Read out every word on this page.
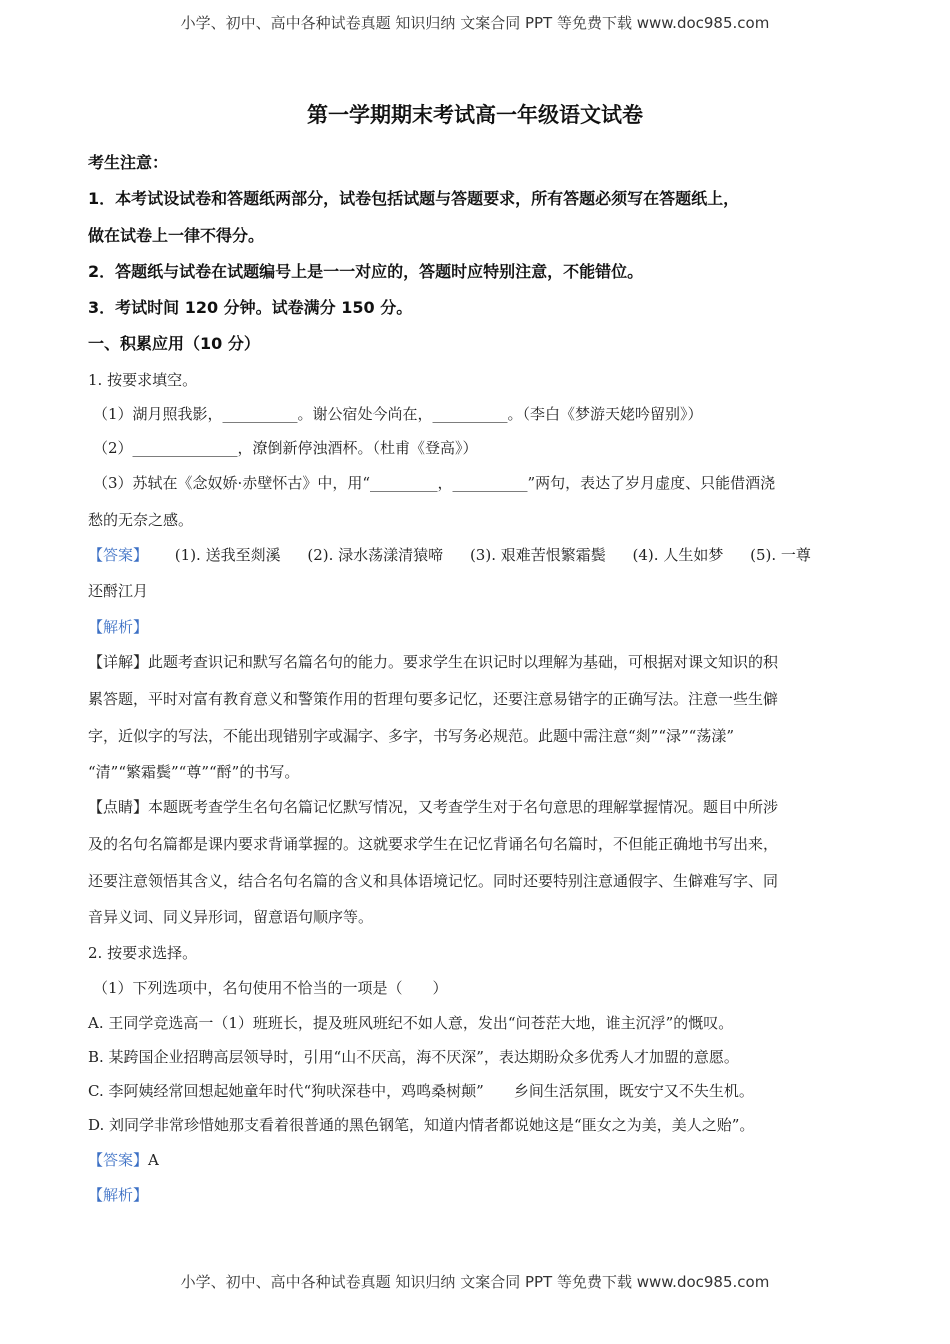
小学、初中、高中各种试卷真题 知识归纳 文案合同 PPT 等免费下载 www.doc985.com
第一学期期末考试高一年级语文试卷
考生注意：
1．本考试设试卷和答题纸两部分，试卷包括试题与答题要求，所有答题必须写在答题纸上，
做在试卷上一律不得分。
2．答题纸与试卷在试题编号上是一一对应的，答题时应特别注意，不能错位。
3．考试时间 120 分钟。试卷满分 150 分。
一、积累应用（10 分）
1. 按要求填空。
（1）湖月照我影，__________。谢公宿处今尚在，__________。（李白《梦游天姥吟留别》）
（2）______________，潦倒新停浊酒杯。（杜甫《登高》）
（3）苏轼在《念奴娇·赤壁怀古》中，用“_________，__________”两句，表达了岁月虚度、只能借酒浇
愁的无奈之感。
【答案】 (1). 送我至剡溪 (2). 渌水荡漾清猿啼 (3). 艰难苦恨繁霜鬓 (4). 人生如梦 (5). 一尊
还酹江月
【解析】
【详解】此题考查识记和默写名篇名句的能力。要求学生在识记时以理解为基础，可根据对课文知识的积
累答题，平时对富有教育意义和警策作用的哲理句要多记忆，还要注意易错字的正确写法。注意一些生僻
字，近似字的写法，不能出现错别字或漏字、多字，书写务必规范。此题中需注意“剡”“渌”“荡漾”
“清”“繁霜鬓”“尊”“酹”的书写。
【点睛】本题既考查学生名句名篇记忆默写情况，又考查学生对于名句意思的理解掌握情况。题目中所涉
及的名句名篇都是课内要求背诵掌握的。这就要求学生在记忆背诵名句名篇时，不但能正确地书写出来，
还要注意领悟其含义，结合名句名篇的含义和具体语境记忆。同时还要特别注意通假字、生僻难写字、同
音异义词、同义异形词，留意语句顺序等。
2. 按要求选择。
（1）下列选项中，名句使用不恰当的一项是（　　）
A. 王同学竞选高一（1）班班长，提及班风班纪不如人意，发出“问苍茫大地，谁主沉浮”的慨叹。
B. 某跨国企业招聘高层领导时，引用“山不厌高，海不厌深”，表达期盼众多优秀人才加盟的意愿。
C. 李阿姨经常回想起她童年时代“狗吠深巷中，鸡鸣桑树颠”　　乡间生活氛围，既安宁又不失生机。
D. 刘同学非常珍惜她那支看着很普通的黑色钢笔，知道内情者都说她这是“匪女之为美，美人之贻”。
【答案】A
【解析】
小学、初中、高中各种试卷真题 知识归纳 文案合同 PPT 等免费下载 www.doc985.com
